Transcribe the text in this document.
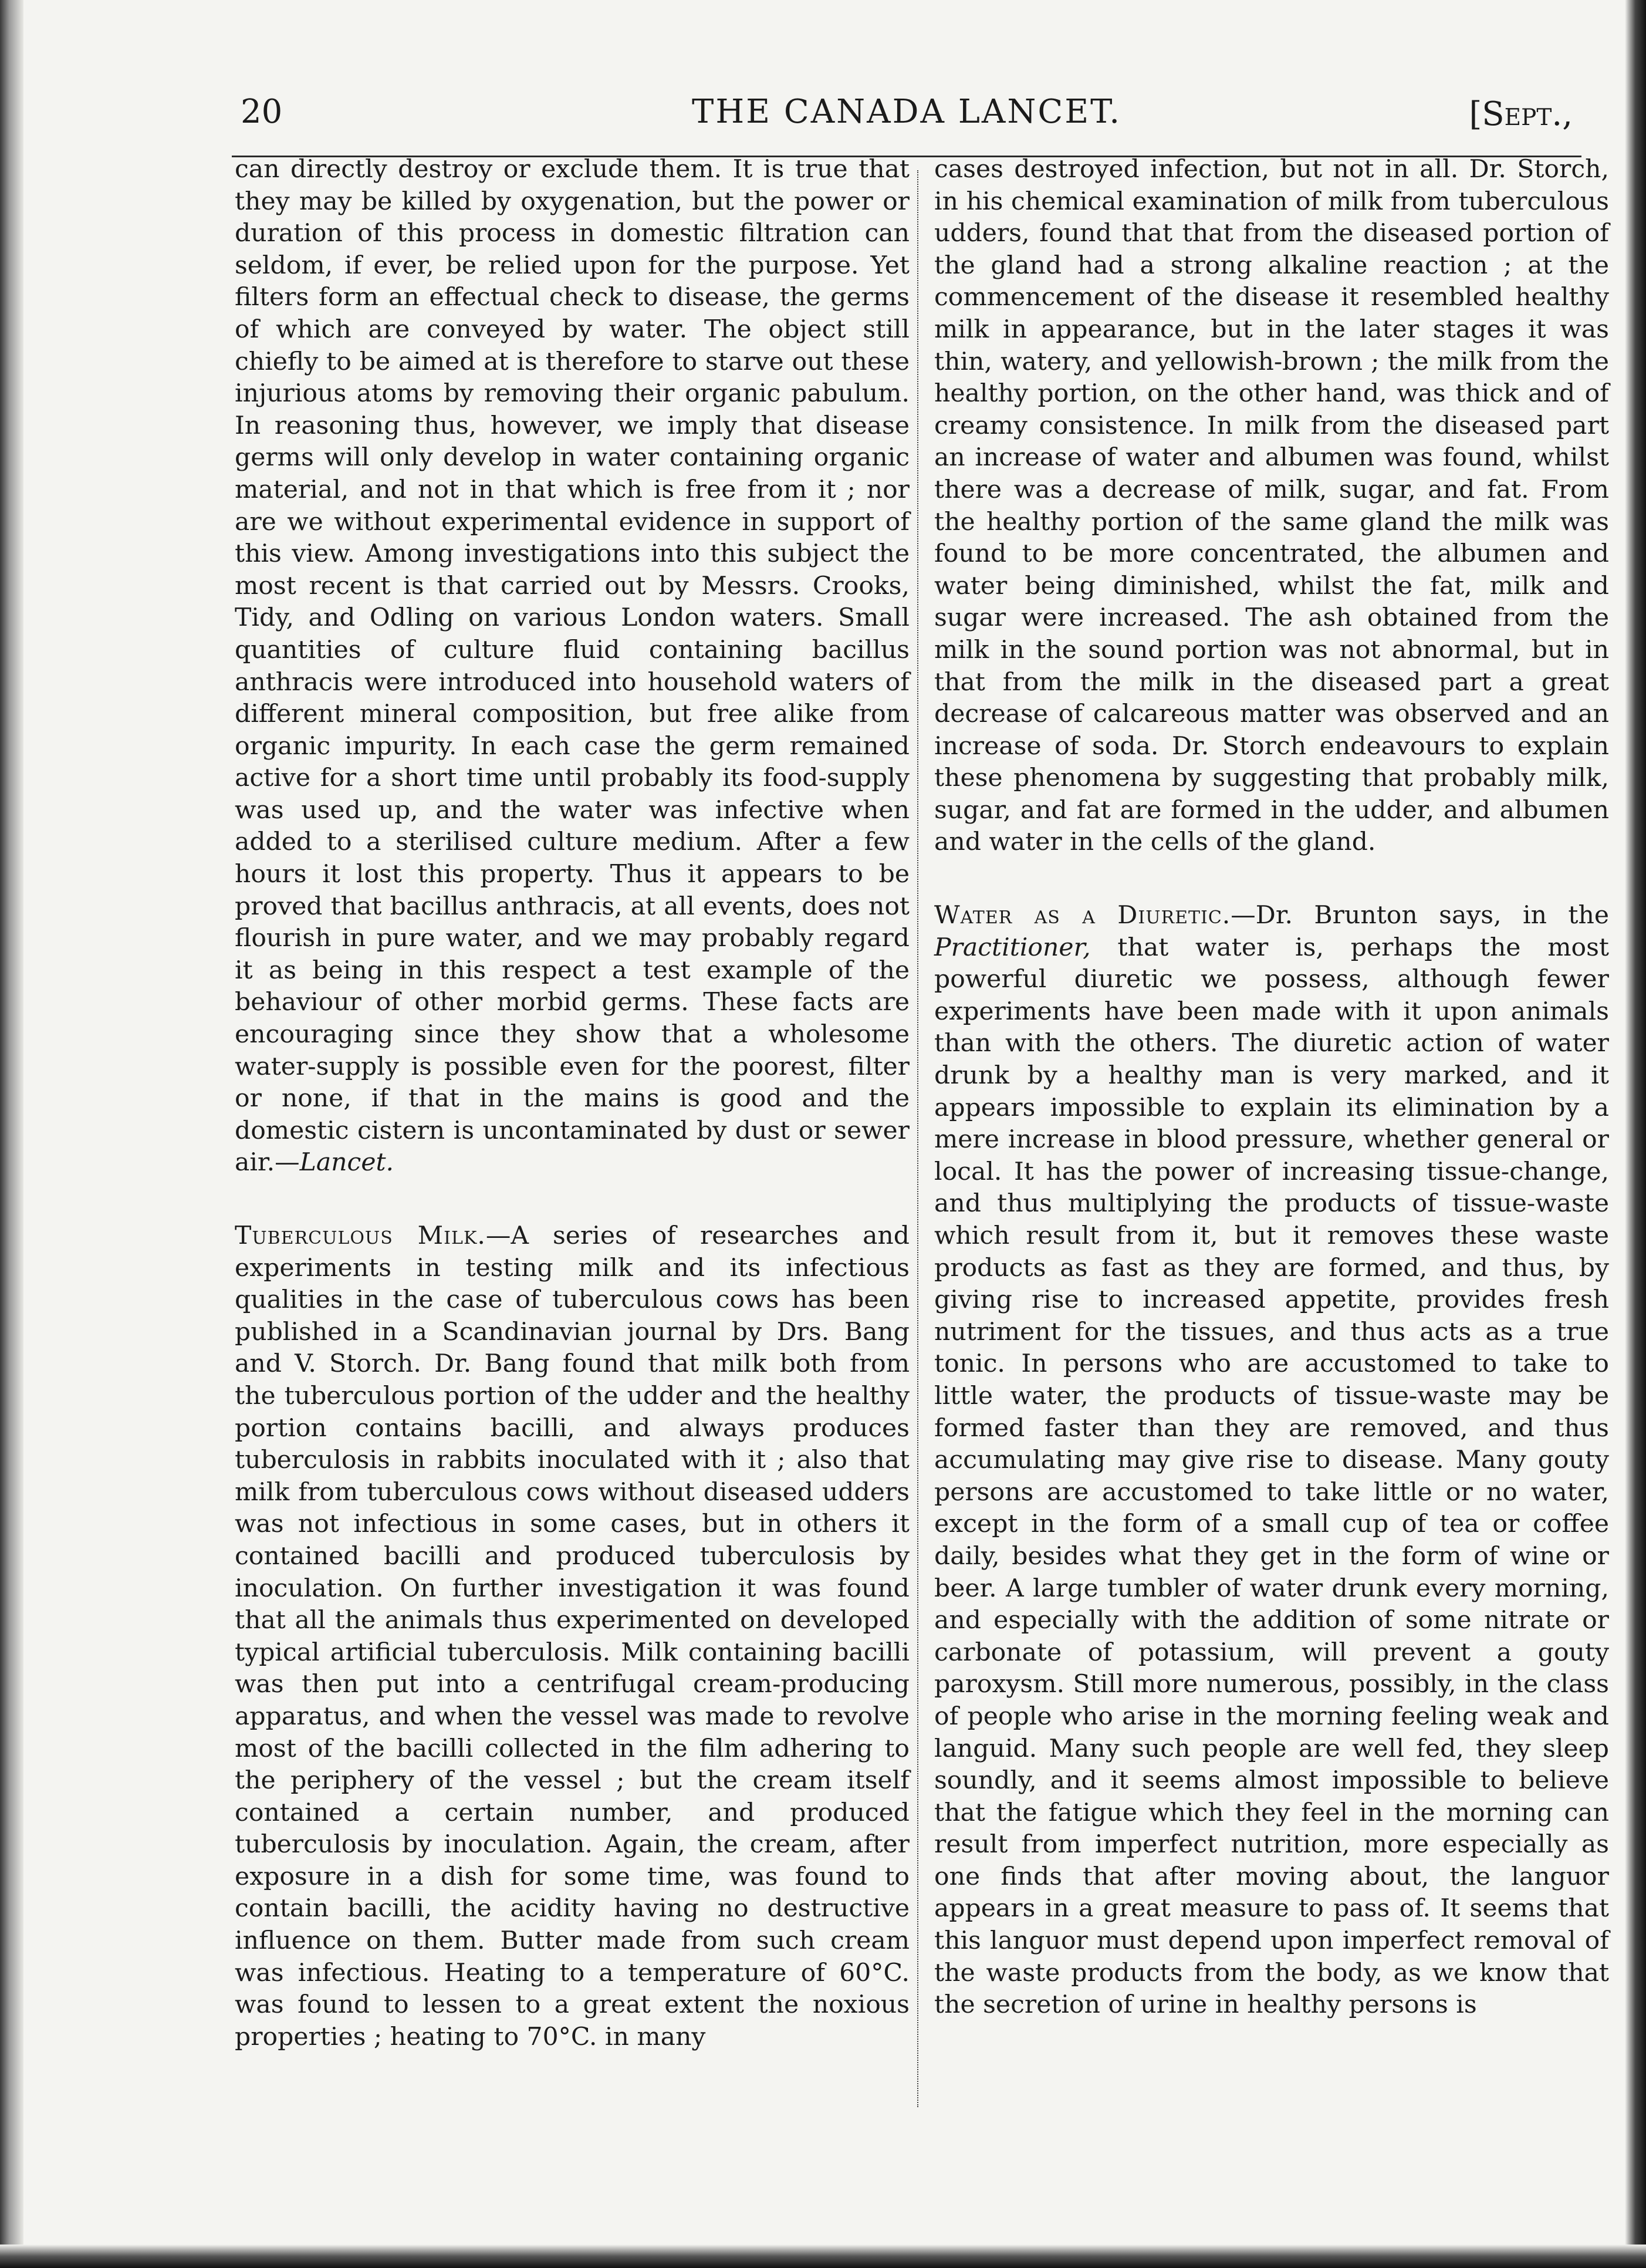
20	THE CANADA LANCET.	[Sept.,

can directly destroy or exclude them. It is true that they may be killed by oxygenation, but the power or duration of this process in domestic filtration can seldom, if ever, be relied upon for the purpose. Yet filters form an effectual check to disease, the germs of which are conveyed by water. The object still chiefly to be aimed at is therefore to starve out these injurious atoms by removing their organic pabulum. In reasoning thus, however, we imply that disease germs will only develop in water containing organic material, and not in that which is free from it ; nor are we without experimental evidence in support of this view. Among investigations into this subject the most recent is that carried out by Messrs. Crooks, Tidy, and Odling on various London waters. Small quantities of culture fluid containing bacillus anthracis were introduced into household waters of different mineral composition, but free alike from organic impurity. In each case the germ remained active for a short time until probably its food-supply was used up, and the water was infective when added to a sterilised culture medium. After a few hours it lost this property. Thus it appears to be proved that bacillus anthracis, at all events, does not flourish in pure water, and we may probably regard it as being in this respect a test example of the behaviour of other morbid germs. These facts are encouraging since they show that a wholesome water-supply is possible even for the poorest, filter or none, if that in the mains is good and the domestic cistern is uncontaminated by dust or sewer air.—Lancet.

Tuberculous Milk.—A series of researches and experiments in testing milk and its infectious qualities in the case of tuberculous cows has been published in a Scandinavian journal by Drs. Bang and V. Storch. Dr. Bang found that milk both from the tuberculous portion of the udder and the healthy portion contains bacilli, and always produces tuberculosis in rabbits inoculated with it ; also that milk from tuberculous cows without diseased udders was not infectious in some cases, but in others it contained bacilli and produced tuberculosis by inoculation. On further investigation it was found that all the animals thus experimented on developed typical artificial tuberculosis. Milk containing bacilli was then put into a centrifugal cream-producing apparatus, and when the vessel was made to revolve most of the bacilli collected in the film adhering to the periphery of the vessel ; but the cream itself contained a certain number, and produced tuberculosis by inoculation. Again, the cream, after exposure in a dish for some time, was found to contain bacilli, the acidity having no destructive influence on them. Butter made from such cream was infectious. Heating to a temperature of 60°C. was found to lessen to a great extent the noxious properties ; heating to 70°C. in many

cases destroyed infection, but not in all. Dr. Storch, in his chemical examination of milk from tuberculous udders, found that that from the diseased portion of the gland had a strong alkaline reaction ; at the commencement of the disease it resembled healthy milk in appearance, but in the later stages it was thin, watery, and yellowish-brown ; the milk from the healthy portion, on the other hand, was thick and of creamy consistence. In milk from the diseased part an increase of water and albumen was found, whilst there was a decrease of milk, sugar, and fat. From the healthy portion of the same gland the milk was found to be more concentrated, the albumen and water being diminished, whilst the fat, milk and sugar were increased. The ash obtained from the milk in the sound portion was not abnormal, but in that from the milk in the diseased part a great decrease of calcareous matter was observed and an increase of soda. Dr. Storch endeavours to explain these phenomena by suggesting that probably milk, sugar, and fat are formed in the udder, and albumen and water in the cells of the gland.

Water as a Diuretic.—Dr. Brunton says, in the Practitioner, that water is, perhaps the most powerful diuretic we possess, although fewer experiments have been made with it upon animals than with the others. The diuretic action of water drunk by a healthy man is very marked, and it appears impossible to explain its elimination by a mere increase in blood pressure, whether general or local. It has the power of increasing tissue-change, and thus multiplying the products of tissue-waste which result from it, but it removes these waste products as fast as they are formed, and thus, by giving rise to increased appetite, provides fresh nutriment for the tissues, and thus acts as a true tonic. In persons who are accustomed to take to little water, the products of tissue-waste may be formed faster than they are removed, and thus accumulating may give rise to disease. Many gouty persons are accustomed to take little or no water, except in the form of a small cup of tea or coffee daily, besides what they get in the form of wine or beer. A large tumbler of water drunk every morning, and especially with the addition of some nitrate or carbonate of potassium, will prevent a gouty paroxysm. Still more numerous, possibly, in the class of people who arise in the morning feeling weak and languid. Many such people are well fed, they sleep soundly, and it seems almost impossible to believe that the fatigue which they feel in the morning can result from imperfect nutrition, more especially as one finds that after moving about, the languor appears in a great measure to pass of. It seems that this languor must depend upon imperfect removal of the waste products from the body, as we know that the secretion of urine in healthy persons is
